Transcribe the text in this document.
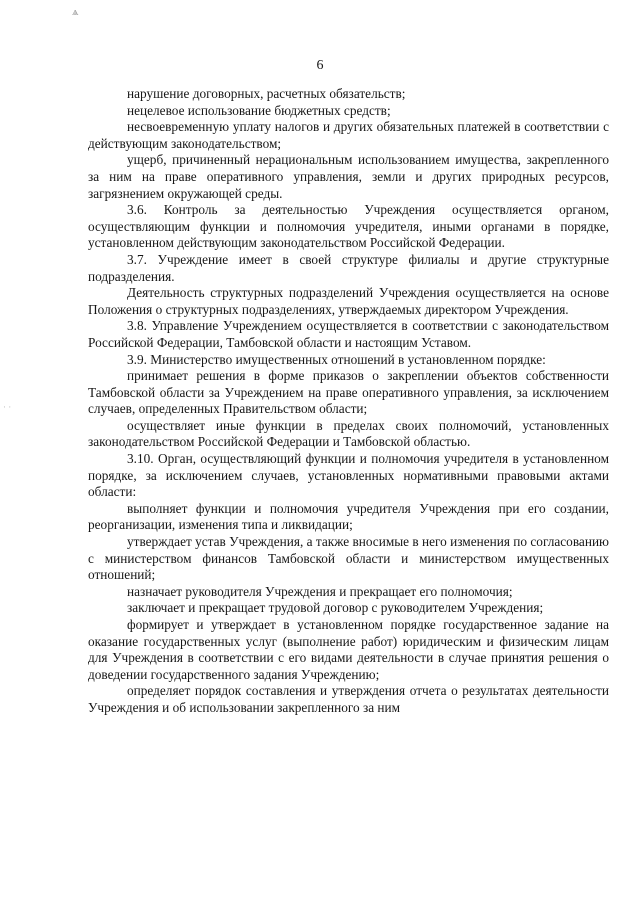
ѧ
· ·
6

нарушение договорных, расчетных обязательств;

нецелевое использование бюджетных средств;

несвоевременную уплату налогов и других обязательных платежей в соответствии с действующим законодательством;

ущерб, причиненный нерациональным использованием имущества, закрепленного за ним на праве оперативного управления, земли и других природных ресурсов, загрязнением окружающей среды.

3.6. Контроль за деятельностью Учреждения осуществляется органом, осуществляющим функции и полномочия учредителя, иными органами в порядке, установленном действующим законодательством Российской Федерации.

3.7. Учреждение имеет в своей структуре филиалы и другие структурные подразделения.

Деятельность структурных подразделений Учреждения осуществляется на основе Положения о структурных подразделениях, утверждаемых директором Учреждения.

3.8. Управление Учреждением осуществляется в соответствии с законодательством Российской Федерации, Тамбовской области и настоящим Уставом.

3.9. Министерство имущественных отношений в установленном порядке:

принимает решения в форме приказов о закреплении объектов собственности Тамбовской области за Учреждением на праве оперативного управления, за исключением случаев, определенных Правительством области;

осуществляет иные функции в пределах своих полномочий, установленных законодательством Российской Федерации и Тамбовской областью.

3.10. Орган, осуществляющий функции и полномочия учредителя в установленном порядке, за исключением случаев, установленных нормативными правовыми актами области:

выполняет функции и полномочия учредителя Учреждения при его создании, реорганизации, изменения типа и ликвидации;

утверждает устав Учреждения, а также вносимые в него изменения по согласованию с министерством финансов Тамбовской области и министерством имущественных отношений;

назначает руководителя Учреждения и прекращает его полномочия;

заключает и прекращает трудовой договор с руководителем Учреждения;

формирует и утверждает в установленном порядке государственное задание на оказание государственных услуг (выполнение работ) юридическим и физическим лицам для Учреждения в соответствии с его видами деятельности в случае принятия решения о доведении государственного задания Учреждению;

определяет порядок составления и утверждения отчета о результатах деятельности Учреждения и об использовании закрепленного за ним
